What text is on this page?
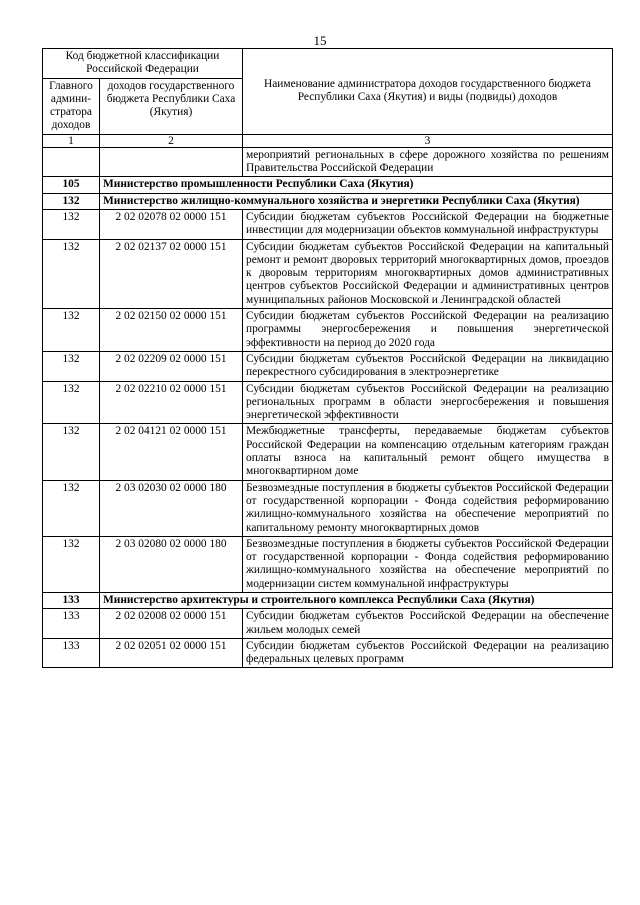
15
Код бюджетной классификации Российской Федерации		Наименование администратора доходов государственного бюджета Республики Саха (Якутия) и виды (подвиды) доходов
Главного админи-стратора доходов	доходов государственного бюджета Республики Саха (Якутия)	
1	2	3
		мероприятий региональных в сфере дорожного хозяйства по решениям Правительства Российской Федерации
105	Министерство промышленности Республики Саха (Якутия)	
132	Министерство жилищно-коммунального хозяйства и энергетики Республики Саха (Якутия)	
132	2 02 02078 02 0000 151	Субсидии бюджетам субъектов Российской Федерации на бюджетные инвестиции для модернизации объектов коммунальной инфраструктуры
132	2 02 02137 02 0000 151	Субсидии бюджетам субъектов Российской Федерации на капитальный ремонт и ремонт дворовых территорий многоквартирных домов, проездов к дворовым территориям многоквартирных домов административных центров субъектов Российской Федерации и административных центров муниципальных районов Московской и Ленинградской областей
132	2 02 02150 02 0000 151	Субсидии бюджетам субъектов Российской Федерации на реализацию программы энергосбережения и повышения энергетической эффективности на период до 2020 года
132	2 02 02209 02 0000 151	Субсидии бюджетам субъектов Российской Федерации на ликвидацию перекрестного субсидирования в электроэнергетике
132	2 02 02210 02 0000 151	Субсидии бюджетам субъектов Российской Федерации на реализацию региональных программ в области энергосбережения и повышения энергетической эффективности
132	2 02 04121 02 0000 151	Межбюджетные трансферты, передаваемые бюджетам субъектов Российской Федерации на компенсацию отдельным категориям граждан оплаты взноса на капитальный ремонт общего имущества в многоквартирном доме
132	2 03 02030 02 0000 180	Безвозмездные поступления в бюджеты субъектов Российской Федерации от государственной корпорации - Фонда содействия реформированию жилищно-коммунального хозяйства на обеспечение мероприятий по капитальному ремонту многоквартирных домов
132	2 03 02080 02 0000 180	Безвозмездные поступления в бюджеты субъектов Российской Федерации от государственной корпорации - Фонда содействия реформированию жилищно-коммунального хозяйства на обеспечение мероприятий по модернизации систем коммунальной инфраструктуры
133	Министерство архитектуры и строительного комплекса Республики Саха (Якутия)	
133	2 02 02008 02 0000 151	Субсидии бюджетам субъектов Российской Федерации на обеспечение жильем молодых семей
133	2 02 02051 02 0000 151	Субсидии бюджетам субъектов Российской Федерации на реализацию федеральных целевых программ
